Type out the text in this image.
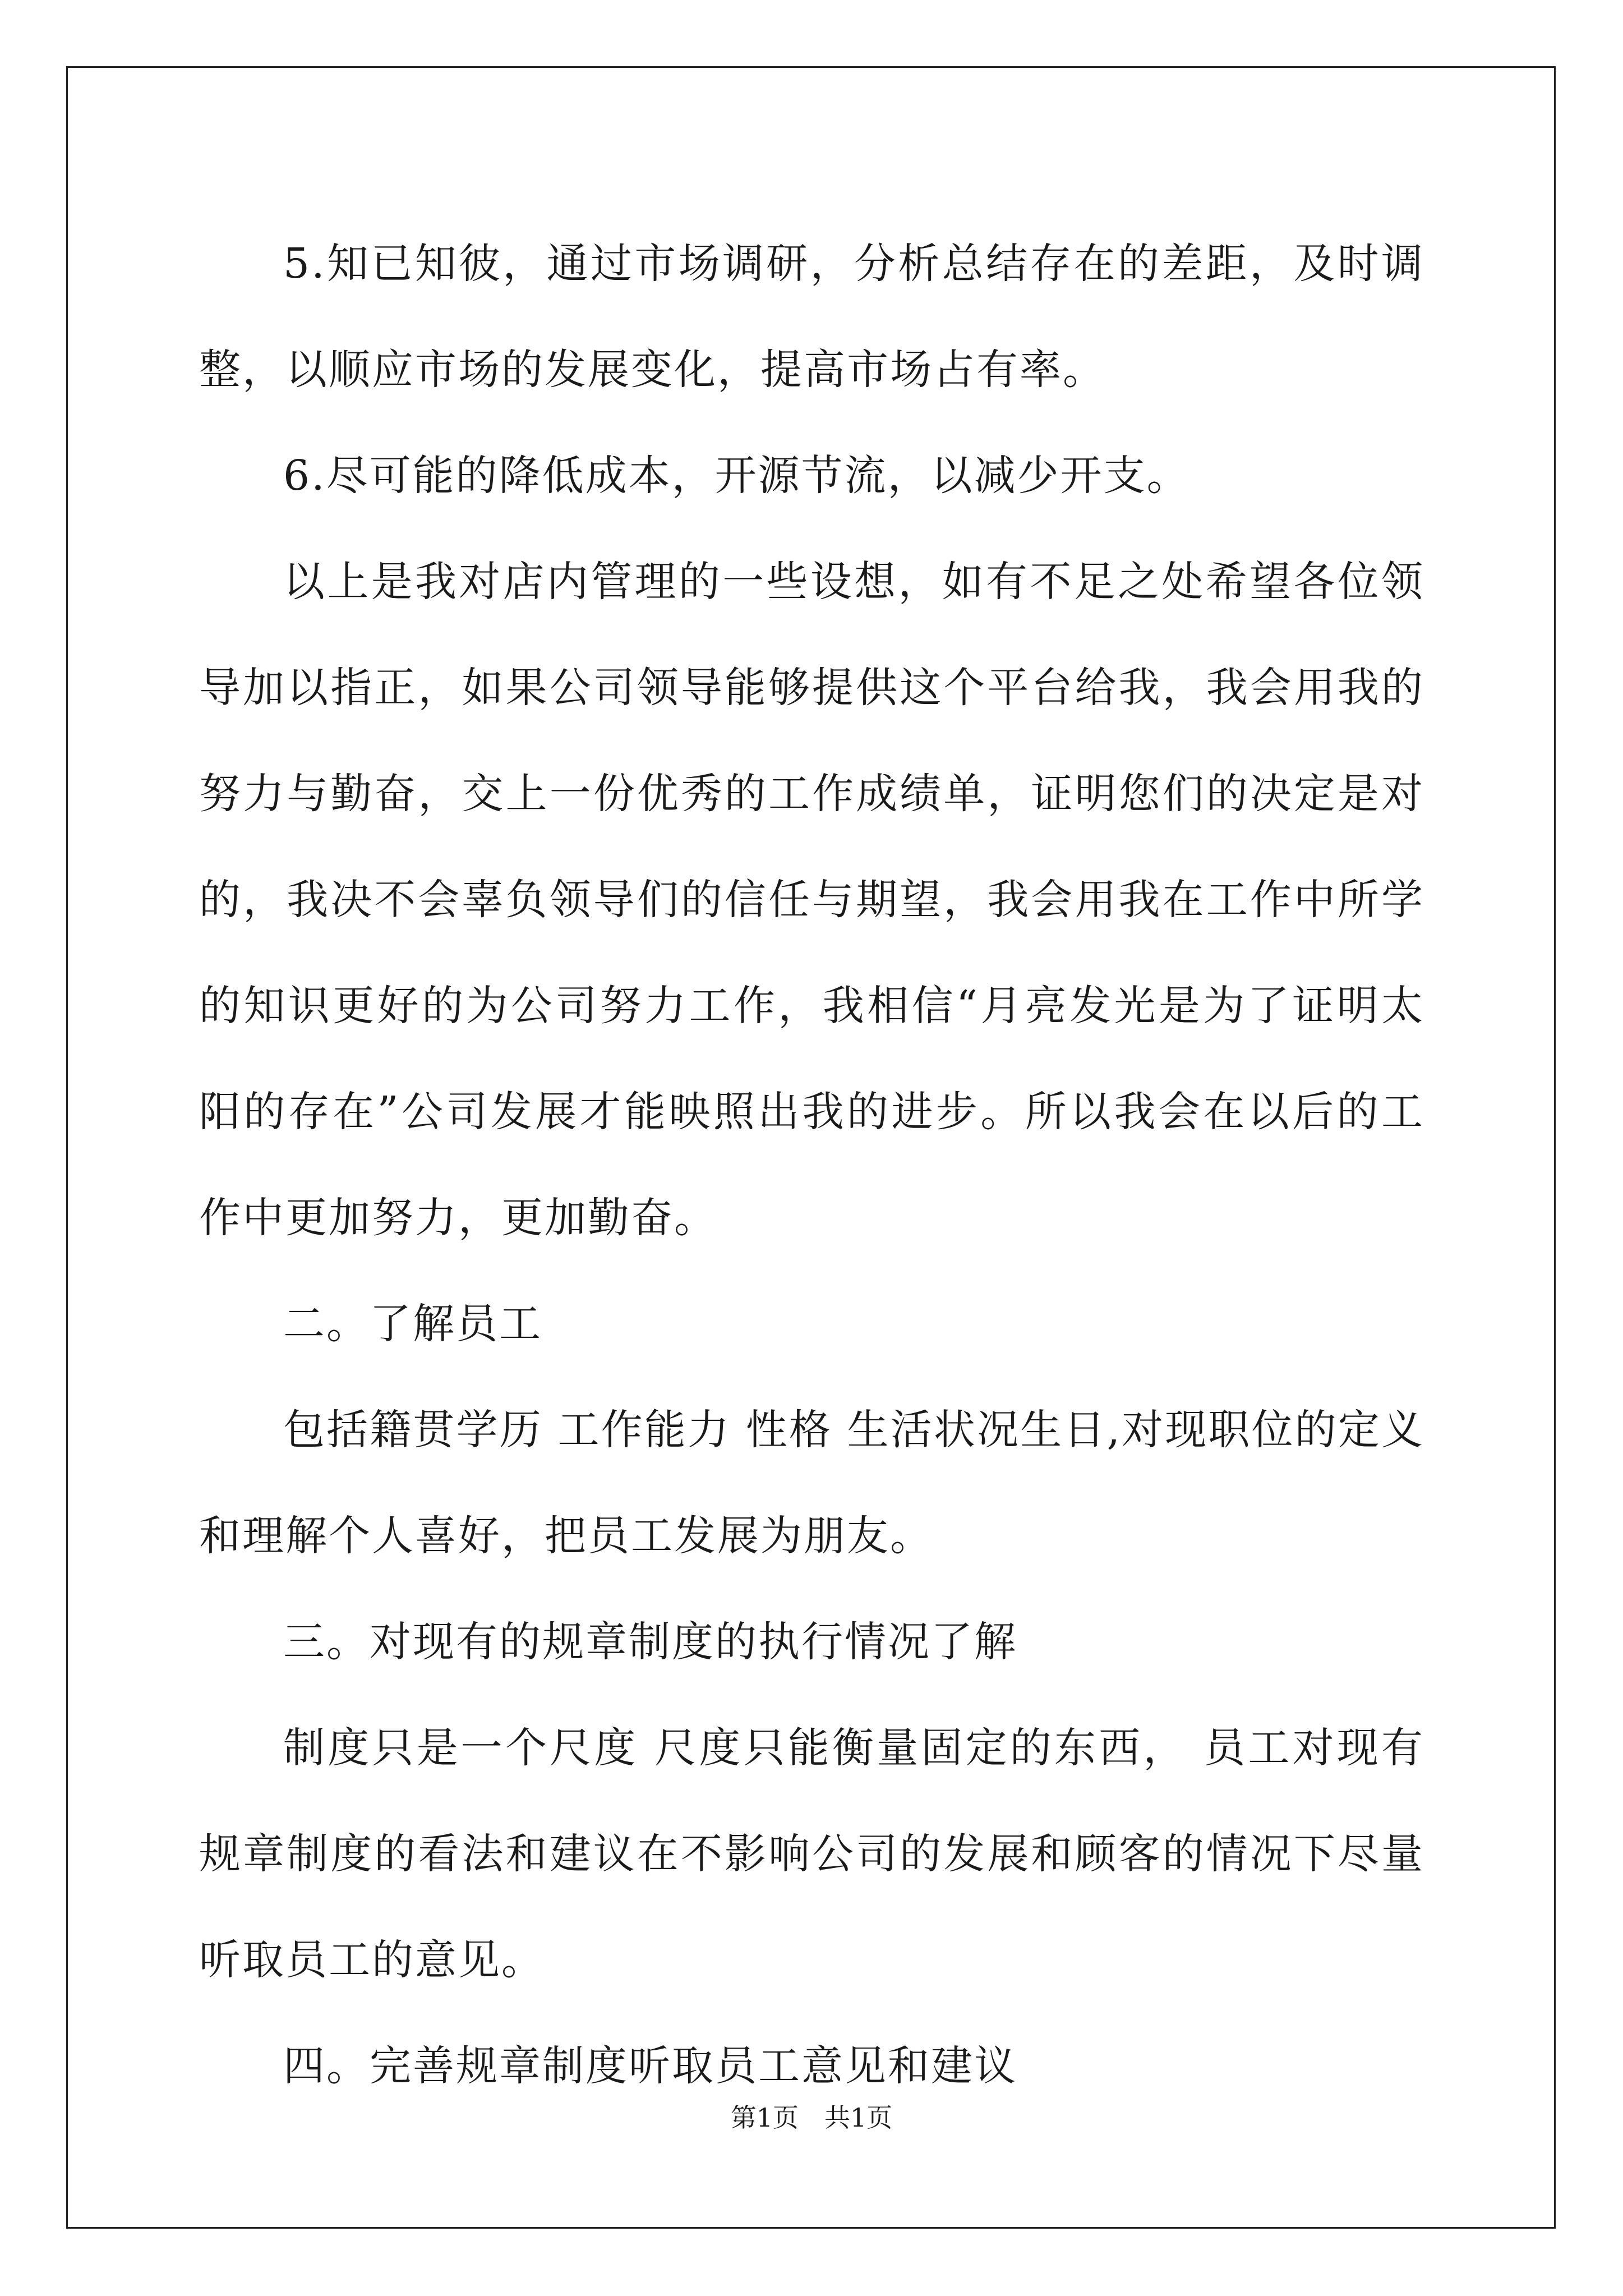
5.知已知彼，通过市场调研，分析总结存在的差距，及时调整，以顺应市场的发展变化，提高市场占有率。

6.尽可能的降低成本，开源节流，以减少开支。

以上是我对店内管理的一些设想，如有不足之处希望各位领导加以指正，如果公司领导能够提供这个平台给我，我会用我的努力与勤奋，交上一份优秀的工作成绩单，证明您们的决定是对的，我决不会辜负领导们的信任与期望，我会用我在工作中所学的知识更好的为公司努力工作，我相信“月亮发光是为了证明太阳的存在”公司发展才能映照出我的进步。所以我会在以后的工作中更加努力，更加勤奋。

二。了解员工

包括籍贯学历 工作能力 性格 生活状况生日,对现职位的定义和理解个人喜好，把员工发展为朋友。

三。对现有的规章制度的执行情况了解

制度只是一个尺度 尺度只能衡量固定的东西， 员工对现有规章制度的看法和建议在不影响公司的发展和顾客的情况下尽量听取员工的意见。

四。完善规章制度听取员工意见和建议

第1页　共1页
